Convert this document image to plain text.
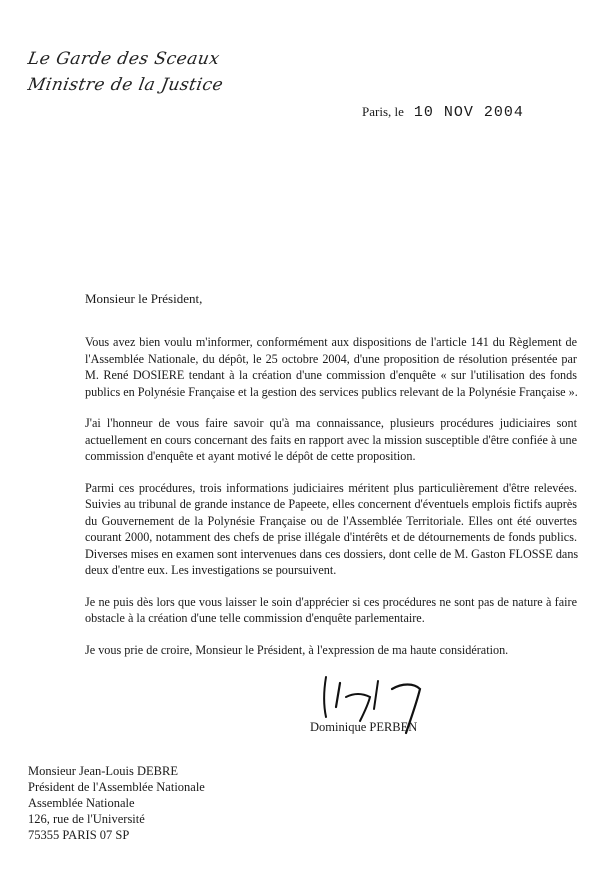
Le Garde des Sceaux
Ministre de la Justice
Paris, le 10 NOV 2004
Monsieur le Président,

Vous avez bien voulu m'informer, conformément aux dispositions de l'article 141 du Règlement de
l'Assemblée Nationale, du dépôt, le 25 octobre 2004, d'une proposition de résolution présentée par
M. René DOSIERE tendant à la création d'une commission d'enquête « sur l'utilisation des fonds
publics en Polynésie Française et la gestion des services publics relevant de la Polynésie Française ».

J'ai l'honneur de vous faire savoir qu'à ma connaissance, plusieurs procédures judiciaires sont
actuellement en cours concernant des faits en rapport avec la mission susceptible d'être confiée à une
commission d'enquête et ayant motivé le dépôt de cette proposition.

Parmi ces procédures, trois informations judiciaires méritent plus particulièrement d'être relevées.
Suivies au tribunal de grande instance de Papeete, elles concernent d'éventuels emplois fictifs auprès
du Gouvernement de la Polynésie Française ou de l'Assemblée Territoriale. Elles ont été ouvertes
courant 2000, notamment des chefs de prise illégale d'intérêts et de détournements de fonds publics.
Diverses mises en examen sont intervenues dans ces dossiers, dont celle de M. Gaston FLOSSE dans
deux d'entre eux. Les investigations se poursuivent.

Je ne puis dès lors que vous laisser le soin d'apprécier si ces procédures ne sont pas de nature à faire
obstacle à la création d'une telle commission d'enquête parlementaire.

Je vous prie de croire, Monsieur le Président, à l'expression de ma haute considération.

Dominique PERBEN
Monsieur Jean-Louis DEBRE
Président de l'Assemblée Nationale
Assemblée Nationale
126, rue de l'Université
75355 PARIS 07 SP
